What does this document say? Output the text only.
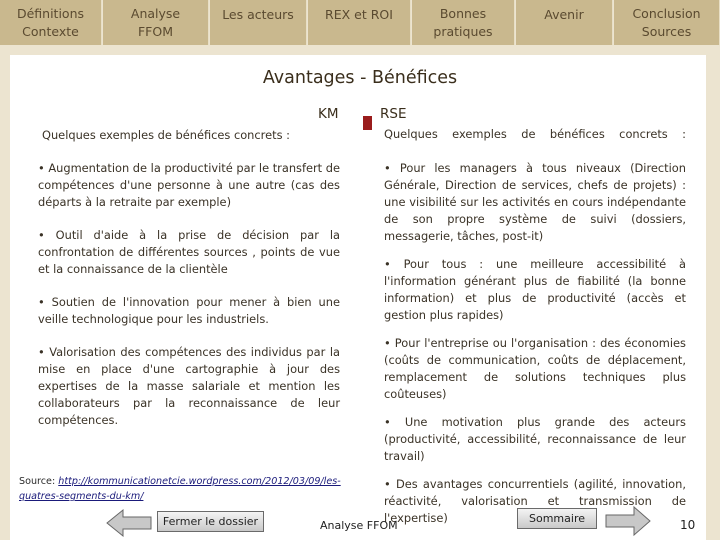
Définitions
Contexte
Analyse
FFOM
Les acteurs REX et ROI	Bonnes
pratiques
Avenir	Conclusion
Sources
Avantages - Bénéfices
KM	RSE
Quelques exemples de bénéfices concrets :	Quelques exemples de bénéfices concrets :

• Augmentation de la productivité par le transfert de compétences d'une personne à une autre (cas des départs à la retraite par exemple)

• Outil d'aide à la prise de décision par la confrontation de différentes sources , points de vue et la connaissance de la clientèle

• Soutien de l'innovation pour mener à bien une veille technologique pour les industriels.

• Valorisation des compétences des individus par la mise en place d'une cartographie à jour des expertises de la masse salariale et mention les collaborateurs par la reconnaissance de leur compétences.

• Pour les managers à tous niveaux (Direction Générale, Direction de services, chefs de projets) : une visibilité sur les activités en cours indépendante de son propre système de suivi (dossiers, messagerie, tâches, post-it)

• Pour tous : une meilleure accessibilité à l'information générant plus de fiabilité (la bonne information) et plus de productivité (accès et gestion plus rapides)

• Pour l'entreprise ou l'organisation : des économies (coûts de communication, coûts de déplacement, remplacement de solutions techniques plus coûteuses)

• Une motivation plus grande des acteurs (productivité, accessibilité, reconnaissance de leur travail)

• Des avantages concurrentiels (agilité, innovation, réactivité, valorisation et transmission de l'expertise)

Source: http://kommunicationetcie.wordpress.com/2012/03/09/les-quatres-segments-du-km/
Fermer le dossier	Analyse FFOM
Sommaire	10
